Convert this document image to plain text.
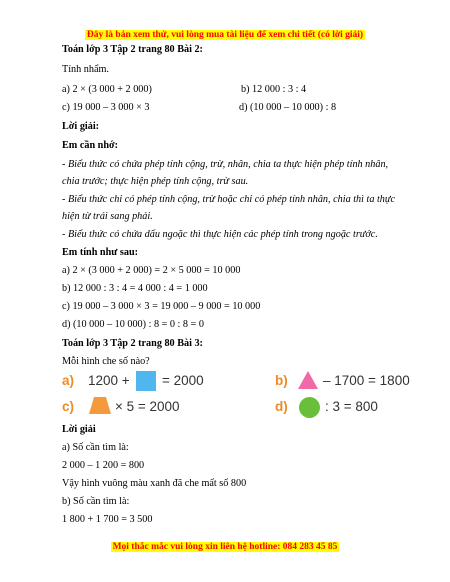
Đây là bản xem thử, vui lòng mua tài liệu để xem chi tiết (có lời giải)
Toán lớp 3 Tập 2 trang 80 Bài 2:
Tính nhẩm.
a) 2 × (3 000 + 2 000)	b) 12 000 : 3 : 4
c) 19 000 – 3 000 × 3	d) (10 000 – 10 000) : 8
Lời giải:
Em cần nhớ:
- Biểu thức có chứa phép tính cộng, trừ, nhân, chia ta thực hiện phép tính nhân,
chia trước; thực hiện phép tính cộng, trừ sau.
- Biểu thức chỉ có phép tính cộng, trừ hoặc chỉ có phép tính nhân, chia thì ta thực
hiện từ trái sang phải.
- Biểu thức có chứa dấu ngoặc thì thực hiện các phép tính trong ngoặc trước.
Em tính như sau:
a) 2 × (3 000 + 2 000) = 2 × 5 000 = 10 000
b) 12 000 : 3 : 4 = 4 000 : 4 = 1 000
c) 19 000 – 3 000 × 3 = 19 000 – 9 000 = 10 000
d) (10 000 – 10 000) : 8 = 0 : 8 = 0
Toán lớp 3 Tập 2 trang 80 Bài 3:
Mỗi hình che số nào?
a) 1200 + = 2000	b)	– 1700 = 1800
c)	× 5 = 2000	d)	: 3 = 800
Lời giải
a) Số cần tìm là:
2 000 – 1 200 = 800
Vậy hình vuông màu xanh đã che mất số 800
b) Số cần tìm là:
1 800 + 1 700 = 3 500
Mọi thắc mắc vui lòng xin liên hệ hotline: 084 283 45 85
